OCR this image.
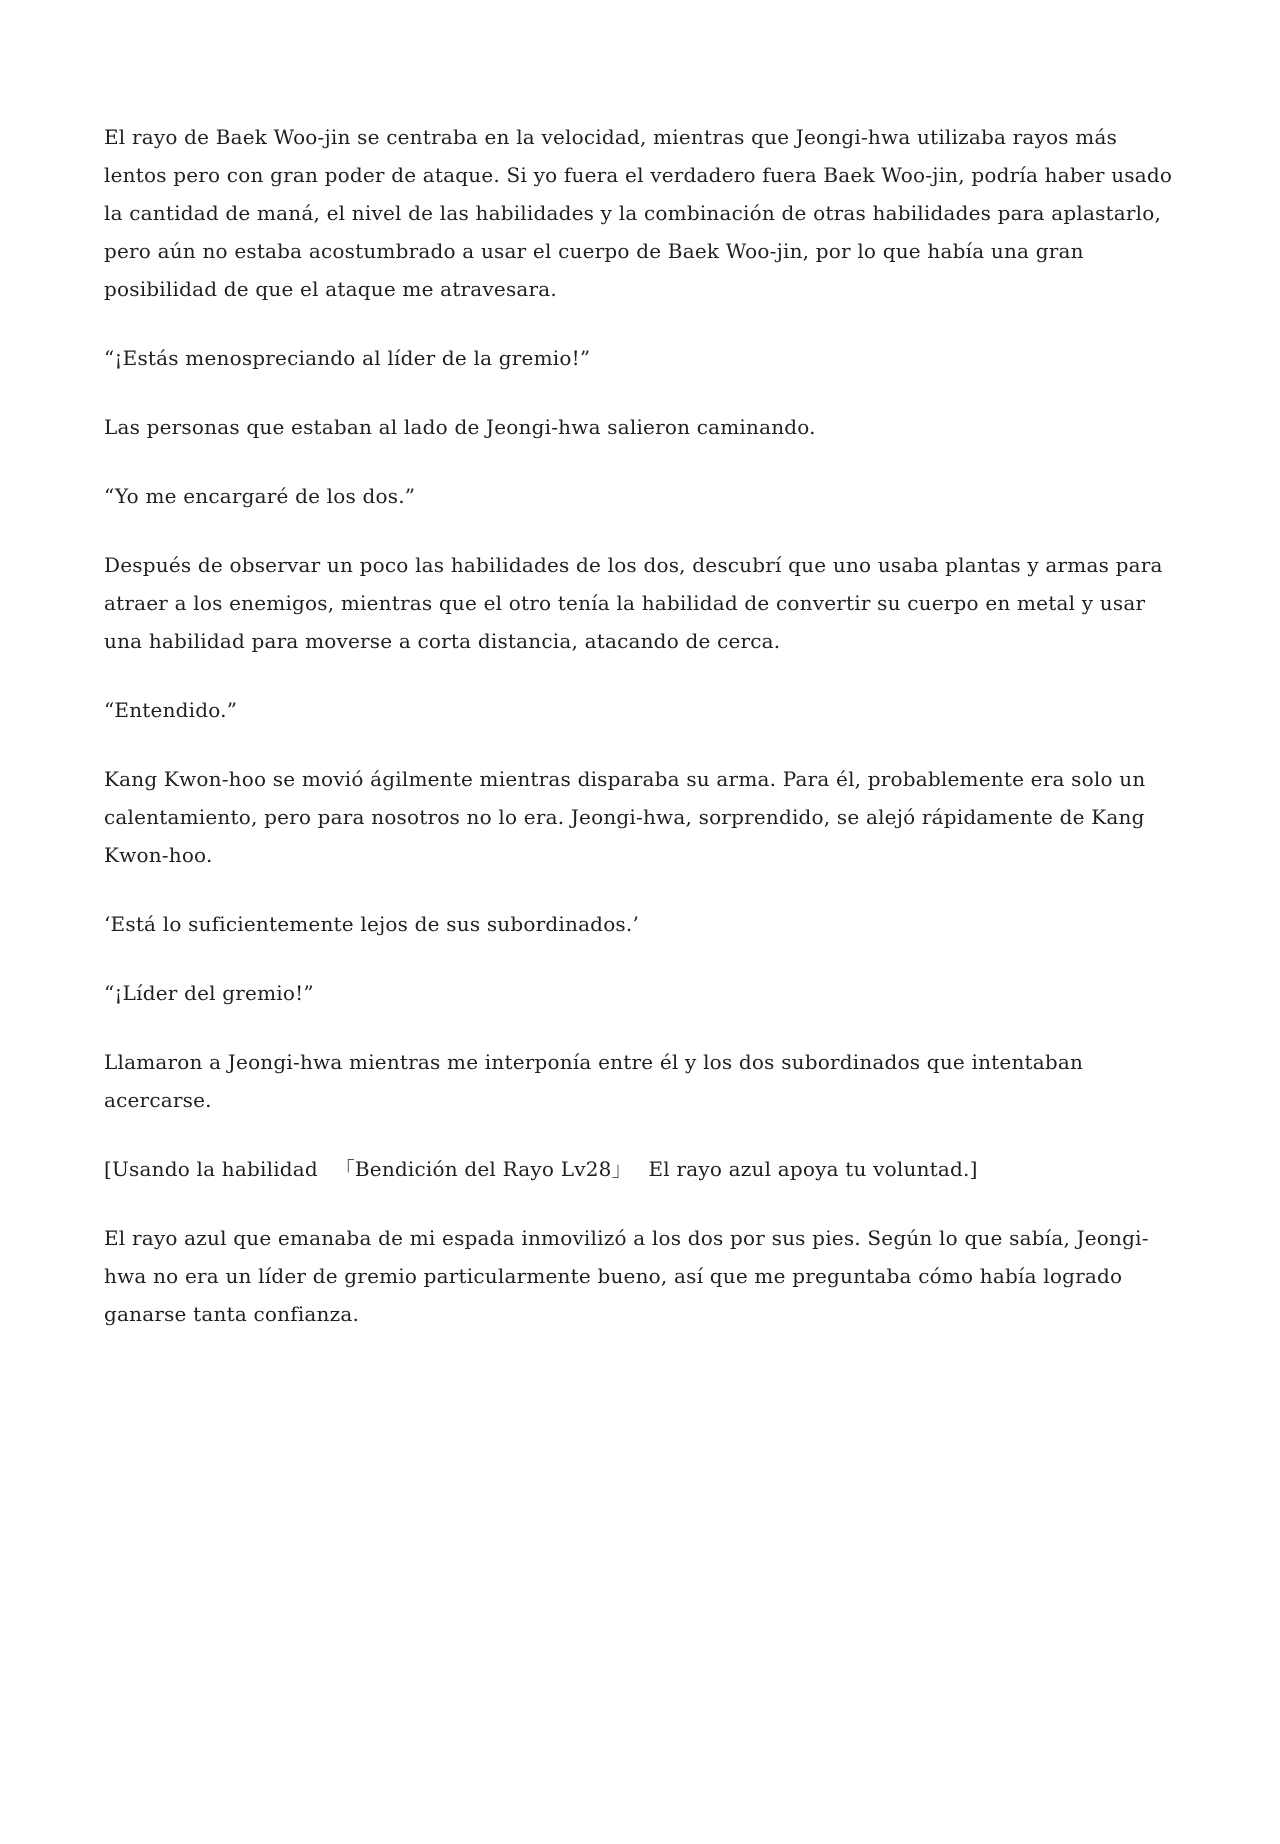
El rayo de Baek Woo-jin se centraba en la velocidad, mientras que Jeongi-hwa utilizaba rayos más lentos pero con gran poder de ataque. Si yo fuera el verdadero fuera Baek Woo-jin, podría haber usado la cantidad de maná, el nivel de las habilidades y la combinación de otras habilidades para aplastarlo, pero aún no estaba acostumbrado a usar el cuerpo de Baek Woo-jin, por lo que había una gran posibilidad de que el ataque me atravesara.

“¡Estás menospreciando al líder de la gremio!”

Las personas que estaban al lado de Jeongi-hwa salieron caminando.

“Yo me encargaré de los dos.”

Después de observar un poco las habilidades de los dos, descubrí que uno usaba plantas y armas para atraer a los enemigos, mientras que el otro tenía la habilidad de convertir su cuerpo en metal y usar una habilidad para moverse a corta distancia, atacando de cerca.

“Entendido.”

Kang Kwon-hoo se movió ágilmente mientras disparaba su arma. Para él, probablemente era solo un calentamiento, pero para nosotros no lo era. Jeongi-hwa, sorprendido, se alejó rápidamente de Kang Kwon-hoo.

‘Está lo suficientemente lejos de sus subordinados.’

“¡Líder del gremio!”

Llamaron a Jeongi-hwa mientras me interponía entre él y los dos subordinados que intentaban acercarse.

[Usando la habilidad 　「Bendición del Rayo Lv28」  El rayo azul apoya tu voluntad.]

El rayo azul que emanaba de mi espada inmovilizó a los dos por sus pies. Según lo que sabía, Jeongi-hwa no era un líder de gremio particularmente bueno, así que me preguntaba cómo había logrado ganarse tanta confianza.
